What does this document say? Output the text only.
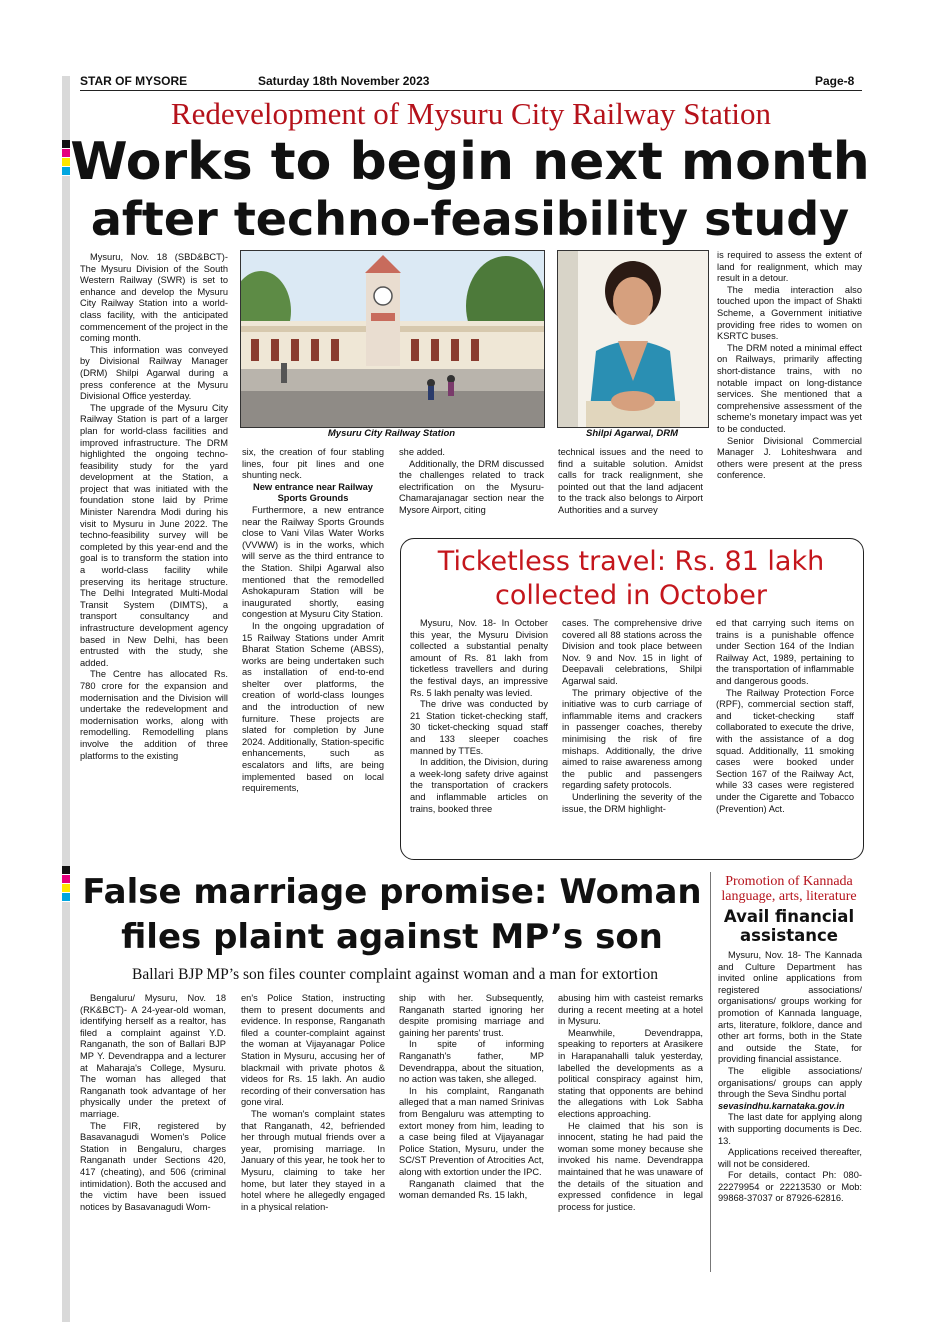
STAR OF MYSORE	Saturday 18th November 2023	Page-8
Redevelopment of Mysuru City Railway Station
Works to begin next month
after techno-feasibility study

Mysuru, Nov. 18 (SBD&BCT)- The Mysuru Division of the South Western Railway (SWR) is set to enhance and develop the Mysuru City Railway Station into a world-class facility, with the anticipated commencement of the project in the coming month.

This information was conveyed by Divisional Railway Manager (DRM) Shilpi Agarwal during a press conference at the Mysuru Divisional Office yesterday.

The upgrade of the Mysuru City Railway Station is part of a larger plan for world-class facilities and improved infrastructure. The DRM highlighted the ongoing techno-feasibility study for the yard development at the Station, a project that was initiated with the foundation stone laid by Prime Minister Narendra Modi during his visit to Mysuru in June 2022. The techno-feasibility survey will be completed by this year-end and the goal is to transform the station into a world-class facility while preserving its heritage structure. The Delhi Integrated Multi-Modal Transit System (DIMTS), a transport consultancy and infrastructure development agency based in New Delhi, has been entrusted with the study, she added.

The Centre has allocated Rs. 780 crore for the expansion and modernisation and the Division will undertake the redevelopment and modernisation works, along with remodelling. Remodelling plans involve the addition of three platforms to the existing

Mysuru City Railway Station	Shilpi Agarwal, DRM

six, the creation of four stabling lines, four pit lines and one shunting neck.

New entrance near Railway Sports Grounds

Furthermore, a new entrance near the Railway Sports Grounds close to Vani Vilas Water Works (VVWW) is in the works, which will serve as the third entrance to the Station. Shilpi Agarwal also mentioned that the remodelled Ashokapuram Station will be inaugurated shortly, easing congestion at Mysuru City Station.

In the ongoing upgradation of 15 Railway Stations under Amrit Bharat Station Scheme (ABSS), works are being undertaken such as installation of end-to-end shelter over platforms, the creation of world-class lounges and the introduction of new furniture. These projects are slated for completion by June 2024. Additionally, Station-specific enhancements, such as escalators and lifts, are being implemented based on local requirements,

she added.

Additionally, the DRM discussed the challenges related to track electrification on the Mysuru-Chamarajanagar section near the Mysore Airport, citing

technical issues and the need to find a suitable solution. Amidst calls for track realignment, she pointed out that the land adjacent to the track also belongs to Airport Authorities and a survey

is required to assess the extent of land for realignment, which may result in a detour.

The media interaction also touched upon the impact of Shakti Scheme, a Government initiative providing free rides to women on KSRTC buses.

The DRM noted a minimal effect on Railways, primarily affecting short-distance trains, with no notable impact on long-distance services. She mentioned that a comprehensive assessment of the scheme's monetary impact was yet to be conducted.

Senior Divisional Commercial Manager J. Lohiteshwara and others were present at the press conference.

Ticketless travel: Rs. 81 lakh
collected in October

Mysuru, Nov. 18- In October this year, the Mysuru Division collected a substantial penalty amount of Rs. 81 lakh from ticketless travellers and during the festival days, an impressive Rs. 5 lakh penalty was levied.

The drive was conducted by 21 Station ticket-checking staff, 30 ticket-checking squad staff and 133 sleeper coaches manned by TTEs.

In addition, the Division, during a week-long safety drive against the transportation of crackers and inflammable articles on trains, booked three

cases. The comprehensive drive covered all 88 stations across the Division and took place between Nov. 9 and Nov. 15 in light of Deepavali celebrations, Shilpi Agarwal said.

The primary objective of the initiative was to curb carriage of inflammable items and crackers in passenger coaches, thereby minimising the risk of fire mishaps. Additionally, the drive aimed to raise awareness among the public and passengers regarding safety protocols.

Underlining the severity of the issue, the DRM highlight-

ed that carrying such items on trains is a punishable offence under Section 164 of the Indian Railway Act, 1989, pertaining to the transportation of inflammable and dangerous goods.

The Railway Protection Force (RPF), commercial section staff, and ticket-checking staff collaborated to execute the drive, with the assistance of a dog squad. Additionally, 11 smoking cases were booked under Section 167 of the Railway Act, while 33 cases were registered under the Cigarette and Tobacco (Prevention) Act.

False marriage promise: Woman
files plaint against MP’s son
Ballari BJP MP’s son files counter complaint against woman and a man for extortion

Bengaluru/ Mysuru, Nov. 18 (RK&BCT)- A 24-year-old woman, identifying herself as a realtor, has filed a complaint against Y.D. Ranganath, the son of Ballari BJP MP Y. Devendrappa and a lecturer at Maharaja's College, Mysuru. The woman has alleged that Ranganath took advantage of her physically under the pretext of marriage.

The FIR, registered by Basavanagudi Women's Police Station in Bengaluru, charges Ranganath under Sections 420, 417 (cheating), and 506 (criminal intimidation). Both the accused and the victim have been issued notices by Basavanagudi Wom-

en's Police Station, instructing them to present documents and evidence. In response, Ranganath filed a counter-complaint against the woman at Vijayanagar Police Station in Mysuru, accusing her of blackmail with private photos & videos for Rs. 15 lakh. An audio recording of their conversation has gone viral.

The woman's complaint states that Ranganath, 42, befriended her through mutual friends over a year, promising marriage. In January of this year, he took her to Mysuru, claiming to take her home, but later they stayed in a hotel where he allegedly engaged in a physical relation-

ship with her. Subsequently, Ranganath started ignoring her despite promising marriage and gaining her parents' trust.

In spite of informing Ranganath's father, MP Devendrappa, about the situation, no action was taken, she alleged.

In his complaint, Ranganath alleged that a man named Srinivas from Bengaluru was attempting to extort money from him, leading to a case being filed at Vijayanagar Police Station, Mysuru, under the SC/ST Prevention of Atrocities Act, along with extortion under the IPC.

Ranganath claimed that the woman demanded Rs. 15 lakh,

abusing him with casteist remarks during a recent meeting at a hotel in Mysuru.

Meanwhile, Devendrappa, speaking to reporters at Arasikere in Harapanahalli taluk yesterday, labelled the developments as a political conspiracy against him, stating that opponents are behind the allegations with Lok Sabha elections approaching.

He claimed that his son is innocent, stating he had paid the woman some money because she invoked his name. Devendrappa maintained that he was unaware of the details of the situation and expressed confidence in legal process for justice.

Promotion of Kannada language, arts, literature
Avail financial assistance

Mysuru, Nov. 18- The Kannada and Culture Department has invited online applications from registered associations/ organisations/ groups working for promotion of Kannada language, arts, literature, folklore, dance and other art forms, both in the State and outside the State, for providing financial assistance.

The eligible associations/ organisations/ groups can apply through the Seva Sindhu portal

sevasindhu.karnataka.gov.in

The last date for applying along with supporting documents is Dec. 13.

Applications received thereafter, will not be considered.

For details, contact Ph: 080-22279954 or 22213530 or Mob: 99868-37037 or 87926-62816.
